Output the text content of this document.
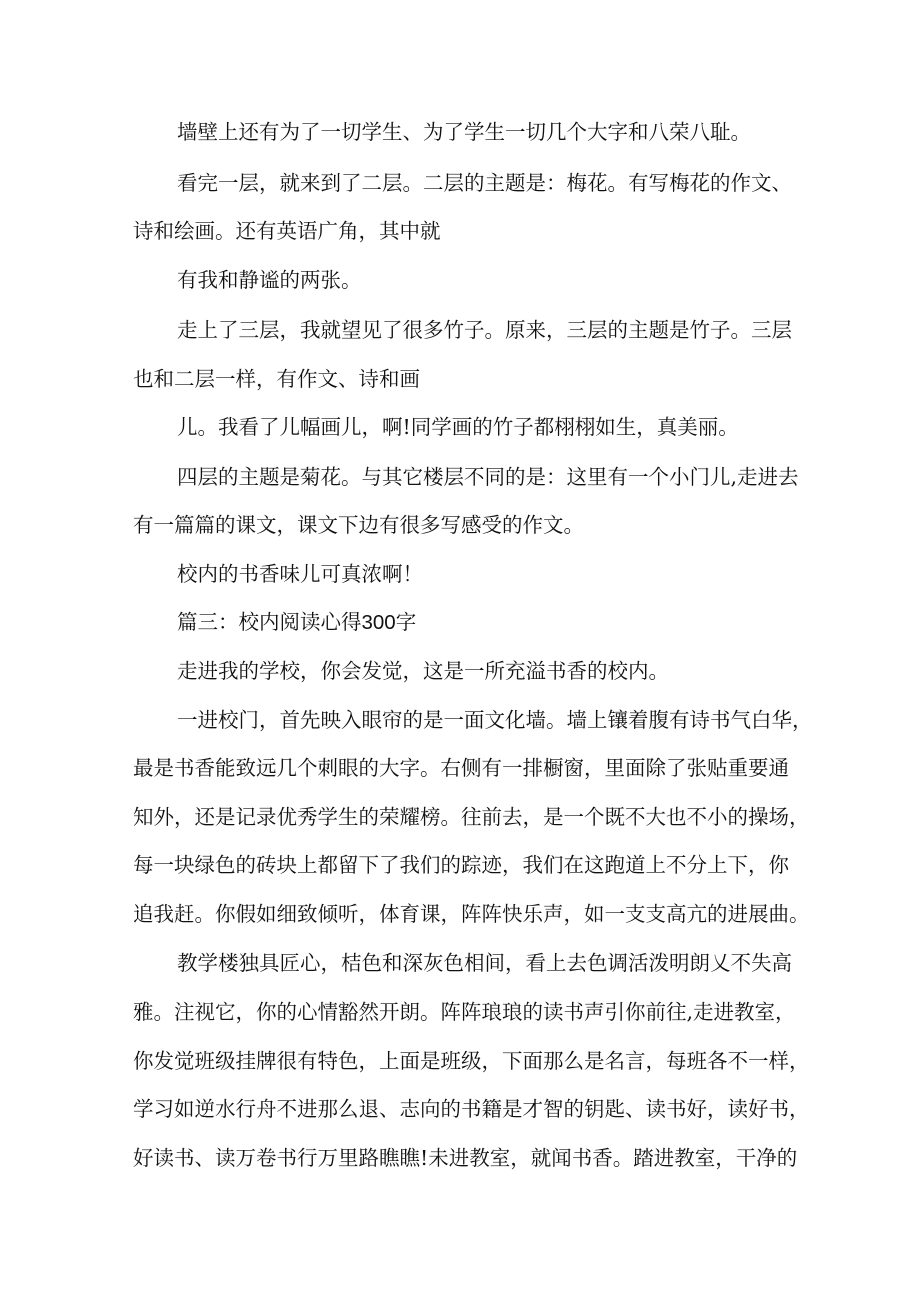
墙壁上还有为了一切学生、为了学生一切几个大字和八荣八耻。
看完一层，就来到了二层。二层的主题是：梅花。有写梅花的作文、
诗和绘画。还有英语广角，其中就
有我和静谧的两张。
走上了三层，我就望见了很多竹子。原来，三层的主题是竹子。三层
也和二层一样，有作文、诗和画
儿。我看了儿幅画儿，啊!同学画的竹子都栩栩如生，真美丽。
四层的主题是菊花。与其它楼层不同的是：这里有一个小门儿,走进去
有一篇篇的课文，课文下边有很多写感受的作文。
校内的书香味儿可真浓啊！
篇三：校内阅读心得300字
走进我的学校，你会发觉，这是一所充溢书香的校内。
一进校门，首先映入眼帘的是一面文化墙。墙上镶着腹有诗书气白华，
最是书香能致远几个刺眼的大字。右侧有一排橱窗，里面除了张贴重要通
知外，还是记录优秀学生的荣耀榜。往前去，是一个既不大也不小的操场，
每一块绿色的砖块上都留下了我们的踪迹，我们在这跑道上不分上下，你
追我赶。你假如细致倾听，体育课，阵阵快乐声，如一支支高亢的进展曲。
教学楼独具匠心，桔色和深灰色相间，看上去色调活泼明朗乂不失高
雅。注视它，你的心情豁然开朗。阵阵琅琅的读书声引你前往,走进教室，
你发觉班级挂牌很有特色，上面是班级，下面那么是名言，每班各不一样，
学习如逆水行舟不进那么退、志向的书籍是才智的钥匙、读书好，读好书，
好读书、读万卷书行万里路瞧瞧!未进教室，就闻书香。踏进教室，干净的
